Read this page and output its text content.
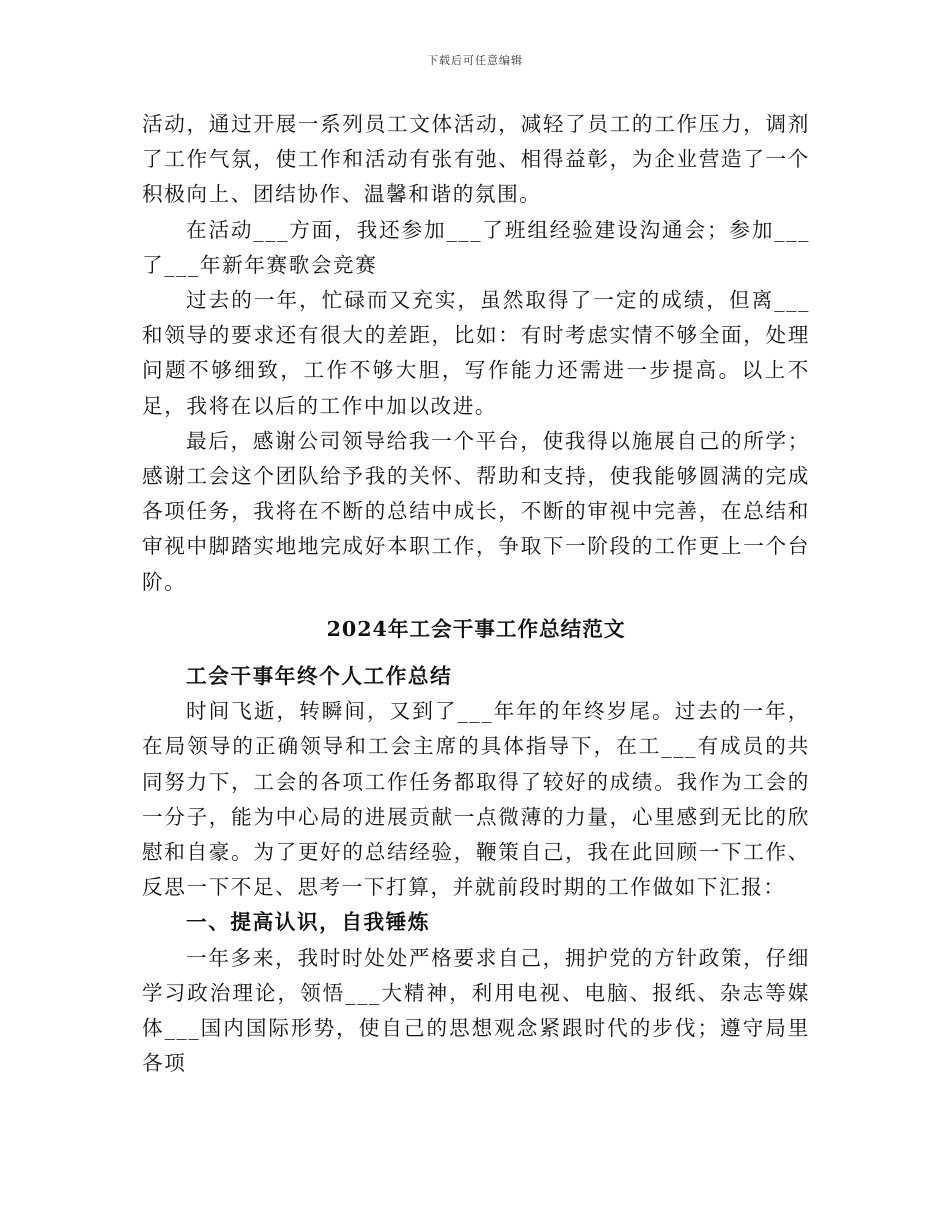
下载后可任意编辑

活动，通过开展一系列员工文体活动，减轻了员工的工作压力，调剂了工作气氛，使工作和活动有张有弛、相得益彰，为企业营造了一个积极向上、团结协作、温馨和谐的氛围。

在活动___方面，我还参加___了班组经验建设沟通会；参加___了___年新年赛歌会竞赛

过去的一年，忙碌而又充实，虽然取得了一定的成绩，但离___和领导的要求还有很大的差距，比如：有时考虑实情不够全面，处理问题不够细致，工作不够大胆，写作能力还需进一步提高。以上不足，我将在以后的工作中加以改进。

最后，感谢公司领导给我一个平台，使我得以施展自己的所学；感谢工会这个团队给予我的关怀、帮助和支持，使我能够圆满的完成各项任务，我将在不断的总结中成长，不断的审视中完善，在总结和审视中脚踏实地地完成好本职工作，争取下一阶段的工作更上一个台阶。

2024年工会干事工作总结范文

工会干事年终个人工作总结

时间飞逝，转瞬间，又到了___年年的年终岁尾。过去的一年，在局领导的正确领导和工会主席的具体指导下，在工___有成员的共同努力下，工会的各项工作任务都取得了较好的成绩。我作为工会的一分子，能为中心局的进展贡献一点微薄的力量，心里感到无比的欣慰和自豪。为了更好的总结经验，鞭策自己，我在此回顾一下工作、反思一下不足、思考一下打算，并就前段时期的工作做如下汇报：

一、提高认识，自我锤炼

一年多来，我时时处处严格要求自己，拥护党的方针政策，仔细学习政治理论，领悟___大精神，利用电视、电脑、报纸、杂志等媒体___国内国际形势，使自己的思想观念紧跟时代的步伐；遵守局里各项
